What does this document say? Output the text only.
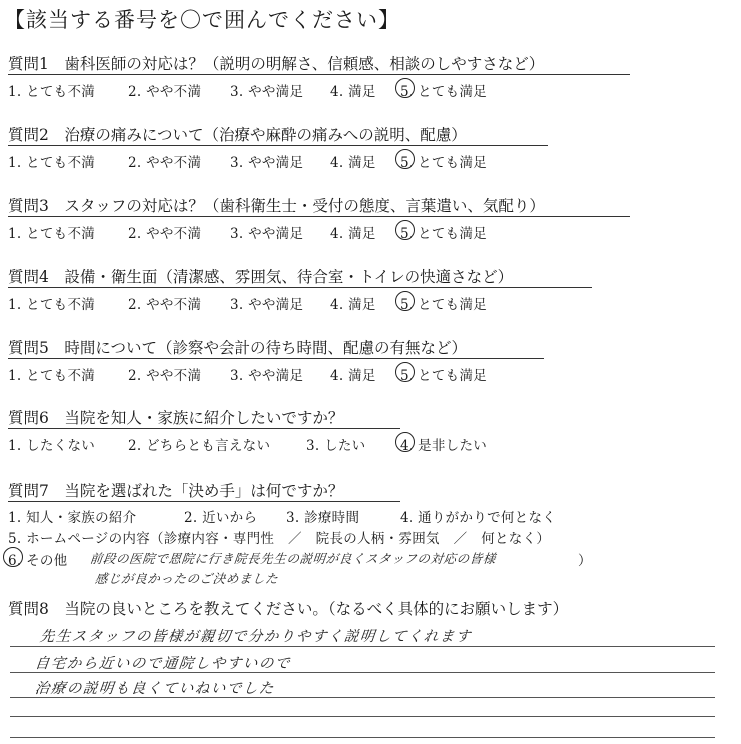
【該当する番号を〇で囲んでください】
質問1　歯科医師の対応は？（説明の明解さ、信頼感、相談のしやすさなど）
1. とても不満 2. やや不満 3. やや満足 4. 満足 5. とても満足
質問2　治療の痛みについて（治療や麻酔の痛みへの説明、配慮）
1. とても不満 2. やや不満 3. やや満足 4. 満足 5. とても満足
質問3　スタッフの対応は？（歯科衛生士・受付の態度、言葉遣い、気配り）
1. とても不満 2. やや不満 3. やや満足 4. 満足 5. とても満足
質問4　設備・衛生面（清潔感、雰囲気、待合室・トイレの快適さなど）
1. とても不満 2. やや不満 3. やや満足 4. 満足 5. とても満足
質問5　時間について（診察や会計の待ち時間、配慮の有無など）
1. とても不満 2. やや不満 3. やや満足 4. 満足 5. とても満足
質問6　当院を知人・家族に紹介したいですか？
1. したくない 2. どちらとも言えない	3. したい	4. 是非したい
質問7　当院を選ばれた「決め手」は何ですか？
1. 知人・家族の紹介	2. 近いから 3. 診療時間	4. 通りがかりで何となく
5. ホームページの内容（診療内容・専門性　／　院長の人柄・雰囲気　／　何となく）
6. その他 前段の医院で恩院に行き院長先生の説明が良くスタッフの対応の皆様	）
感じが良かったのご決めました
質問8　当院の良いところを教えてください。（なるべく具体的にお願いします）
先生スタッフの皆様が親切で分かりやすく説明してくれます
自宅から近いので通院しやすいので
治療の説明も良くていねいでした
